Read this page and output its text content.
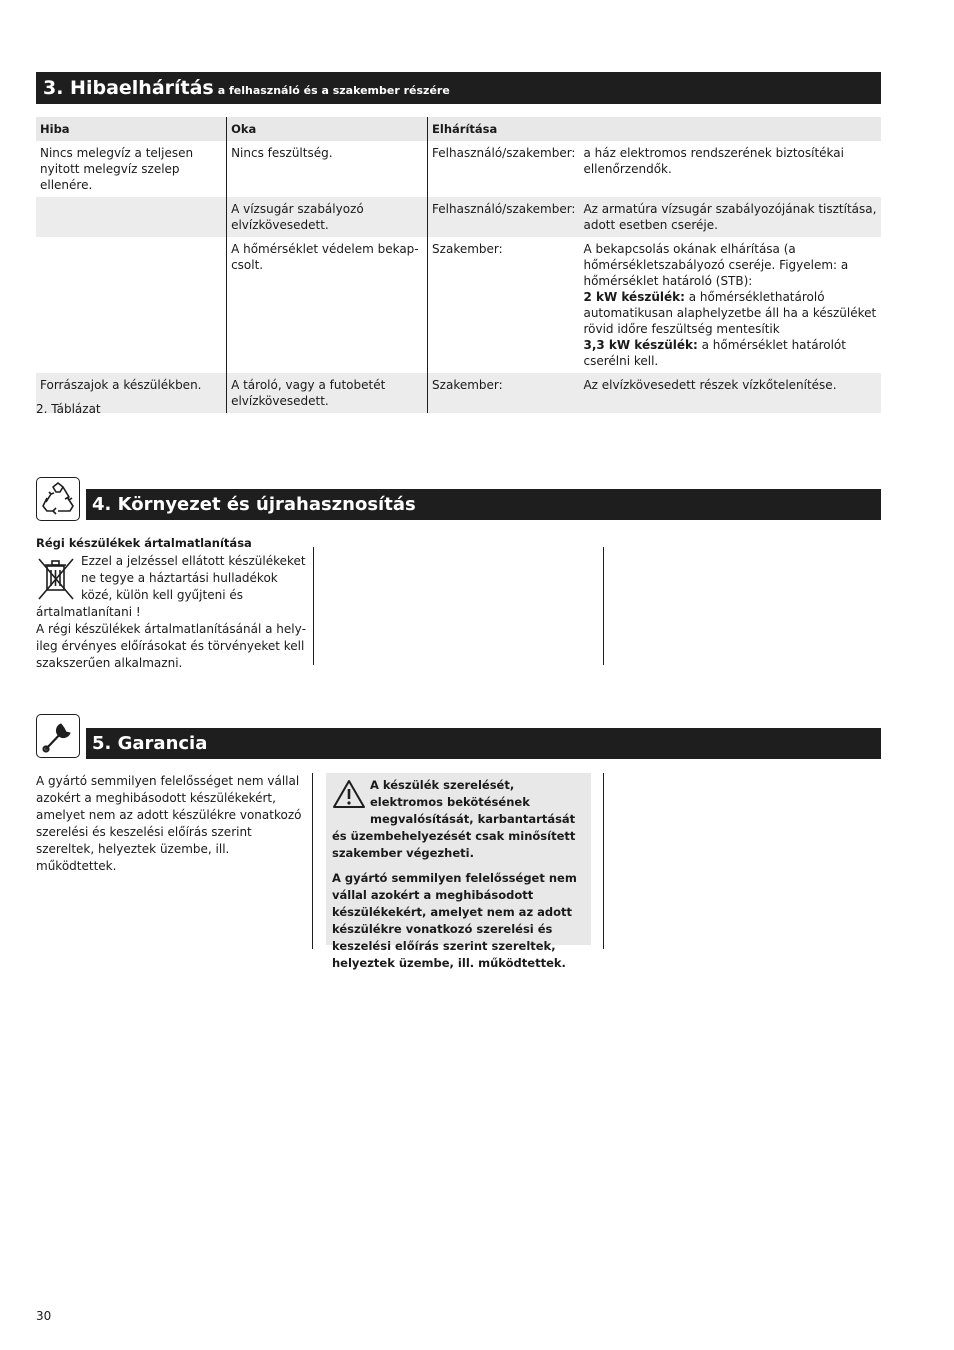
3. Hibaelhárítás a felhasználó és a szakember részére
Hiba	Oka	Elhárítása	
Nincs melegvíz a teljesen nyitott melegvíz szelep ellenére.	Nincs feszültség.	Felhasználó/szakember:	a ház elektromos rendszerének biztosítékai ellenőrzendők.
	A vízsugár szabályozó elvízkövesedett.	Felhasználó/szakember:	Az armatúra vízsugár szabályozójának tisztítása, adott esetben cseréje.
	A hőmérséklet védelem bekapcsolt.	Szakember:	A bekapcsolás okának elhárítása (a hőmérsékletszabályozó cseréje. Figyelem: a hőmérséklet határoló (STB):
2 kW készülék: a hőmérséklethatároló automatikusan alaphelyzetbe áll ha a készüléket rövid időre feszültség mentesítik
3,3 kW készülék: a hőmérséklet határolót cserélni kell.
Forrászajok a készülékben.	A tároló, vagy a futobetét elvízkövesedett.	Szakember:	Az elvízkövesedett részek vízkőtelenítése.
2. Táblázat
4. Környezet és újrahasznosítás
Régi készülékek ártalmatlanítása
Ezzel a jelzéssel ellátott készülékeket ne tegye a háztartási hulladékok közé, külön kell gyűjteni és ártalmatlanítani !
A régi készülékek ártalmatlanításánál a helyileg érvényes előírásokat és törvényeket kell szakszerűen alkalmazni.
5. Garancia
A gyártó semmilyen felelősséget nem vállal azokért a meghibásodott készülékekért, amelyet nem az adott készülékre vonatkozó szerelési és keszelési előírás szerint szereltek, helyeztek üzembe, ill. működtettek.
A készülék szerelését, elektromos bekötésének megvalósítását, karbantartását és üzembehelyezését csak minősített szakember végezheti.
A gyártó semmilyen felelősséget nem vállal azokért a meghibásodott készülékekért, amelyet nem az adott készülékre vonatkozó szerelési és keszelési előírás szerint szereltek, helyeztek üzembe, ill. működtettek.
30
